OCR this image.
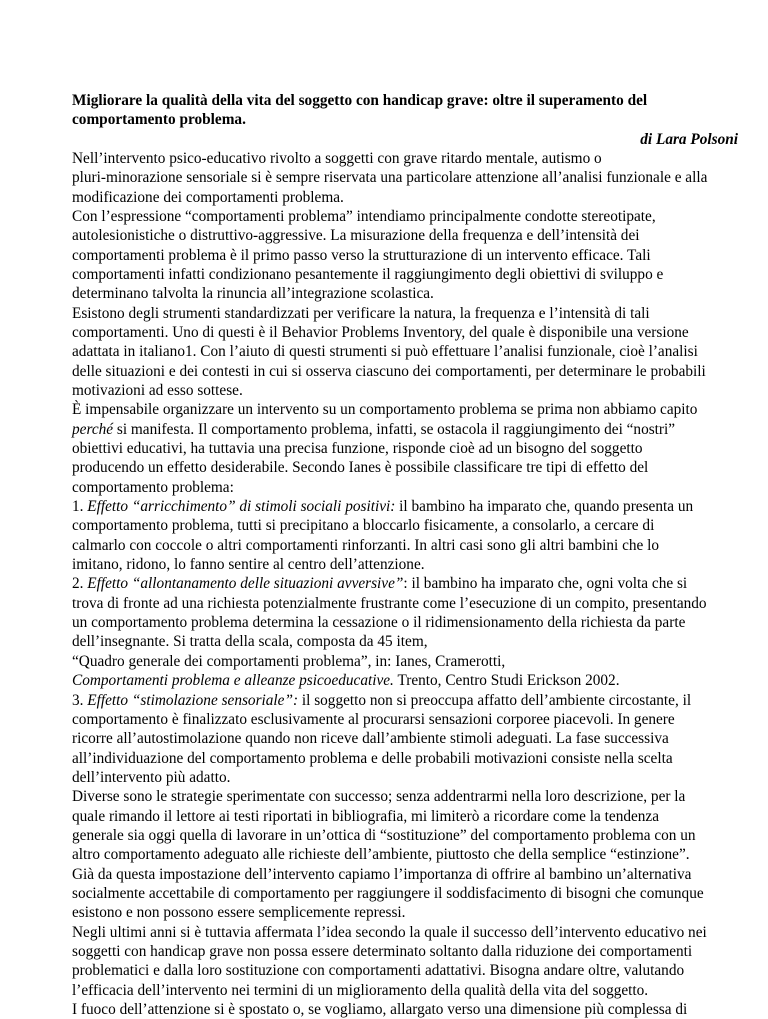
Migliorare la qualità della vita del soggetto con handicap grave: oltre il superamento del
comportamento problema.

di Lara Polsoni

Nell’intervento psico-educativo rivolto a soggetti con grave ritardo mentale, autismo o
pluri-minorazione sensoriale si è sempre riservata una particolare attenzione all’analisi funzionale e alla
modificazione dei comportamenti problema.
Con l’espressione “comportamenti problema” intendiamo principalmente condotte stereotipate,
autolesionistiche o distruttivo-aggressive. La misurazione della frequenza e dell’intensità dei
comportamenti problema è il primo passo verso la strutturazione di un intervento efficace. Tali
comportamenti infatti condizionano pesantemente il raggiungimento degli obiettivi di sviluppo e
determinano talvolta la rinuncia all’integrazione scolastica.
Esistono degli strumenti standardizzati per verificare la natura, la frequenza e l’intensità di tali
comportamenti. Uno di questi è il Behavior Problems Inventory, del quale è disponibile una versione
adattata in italiano1. Con l’aiuto di questi strumenti si può effettuare l’analisi funzionale, cioè l’analisi
delle situazioni e dei contesti in cui si osserva ciascuno dei comportamenti, per determinare le probabili
motivazioni ad esso sottese.
È impensabile organizzare un intervento su un comportamento problema se prima non abbiamo capito
perché si manifesta. Il comportamento problema, infatti, se ostacola il raggiungimento dei “nostri”
obiettivi educativi, ha tuttavia una precisa funzione, risponde cioè ad un bisogno del soggetto
producendo un effetto desiderabile. Secondo Ianes è possibile classificare tre tipi di effetto del
comportamento problema:
1. Effetto “arricchimento” di stimoli sociali positivi: il bambino ha imparato che, quando presenta un
comportamento problema, tutti si precipitano a bloccarlo fisicamente, a consolarlo, a cercare di
calmarlo con coccole o altri comportamenti rinforzanti. In altri casi sono gli altri bambini che lo
imitano, ridono, lo fanno sentire al centro dell’attenzione.
2. Effetto “allontanamento delle situazioni avversive”: il bambino ha imparato che, ogni volta che si
trova di fronte ad una richiesta potenzialmente frustrante come l’esecuzione di un compito, presentando
un comportamento problema determina la cessazione o il ridimensionamento della richiesta da parte
dell’insegnante. Si tratta della scala, composta da 45 item,
“Quadro generale dei comportamenti problema”, in: Ianes, Cramerotti,
Comportamenti problema e alleanze psicoeducative. Trento, Centro Studi Erickson 2002.
3. Effetto “stimolazione sensoriale”: il soggetto non si preoccupa affatto dell’ambiente circostante, il
comportamento è finalizzato esclusivamente al procurarsi sensazioni corporee piacevoli. In genere
ricorre all’autostimolazione quando non riceve dall’ambiente stimoli adeguati. La fase successiva
all’individuazione del comportamento problema e delle probabili motivazioni consiste nella scelta
dell’intervento più adatto.
Diverse sono le strategie sperimentate con successo; senza addentrarmi nella loro descrizione, per la
quale rimando il lettore ai testi riportati in bibliografia, mi limiterò a ricordare come la tendenza
generale sia oggi quella di lavorare in un’ottica di “sostituzione” del comportamento problema con un
altro comportamento adeguato alle richieste dell’ambiente, piuttosto che della semplice “estinzione”.
Già da questa impostazione dell’intervento capiamo l’importanza di offrire al bambino un’alternativa
socialmente accettabile di comportamento per raggiungere il soddisfacimento di bisogni che comunque
esistono e non possono essere semplicemente repressi.
Negli ultimi anni si è tuttavia affermata l’idea secondo la quale il successo dell’intervento educativo nei
soggetti con handicap grave non possa essere determinato soltanto dalla riduzione dei comportamenti
problematici e dalla loro sostituzione con comportamenti adattativi. Bisogna andare oltre, valutando
l’efficacia dell’intervento nei termini di un miglioramento della qualità della vita del soggetto.
I fuoco dell’attenzione si è spostato o, se vogliamo, allargato verso una dimensione più complessa di
